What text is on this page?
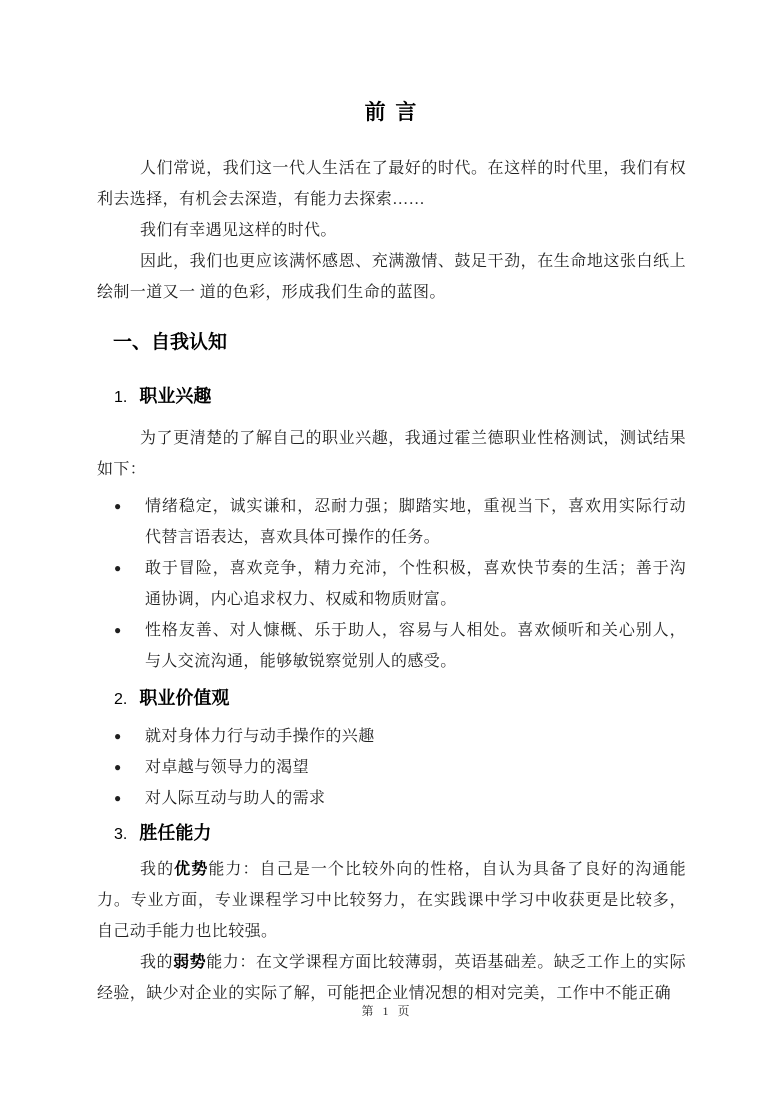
前 言

人们常说，我们这一代人生活在了最好的时代。在这样的时代里，我们有权利去选择，有机会去深造，有能力去探索……

我们有幸遇见这样的时代。

因此，我们也更应该满怀感恩、充满激情、鼓足干劲，在生命地这张白纸上绘制一道又一 道的色彩，形成我们生命的蓝图。

一、自我认知
1. 职业兴趣

为了更清楚的了解自己的职业兴趣，我通过霍兰德职业性格测试，测试结果如下：

● 情绪稳定，诚实谦和，忍耐力强；脚踏实地，重视当下，喜欢用实际行动代替言语表达，喜欢具体可操作的任务。
● 敢于冒险，喜欢竞争，精力充沛，个性积极，喜欢快节奏的生活；善于沟通协调，内心追求权力、权威和物质财富。
● 性格友善、对人慷概、乐于助人，容易与人相处。喜欢倾听和关心别人，与人交流沟通，能够敏锐察觉别人的感受。
2. 职业价值观
● 就对身体力行与动手操作的兴趣
● 对卓越与领导力的渴望
● 对人际互动与助人的需求
3. 胜任能力

我的优势能力：自己是一个比较外向的性格，自认为具备了良好的沟通能力。专业方面，专业课程学习中比较努力，在实践课中学习中收获更是比较多，自己动手能力也比较强。

我的弱势能力：在文学课程方面比较薄弱，英语基础差。缺乏工作上的实际经验，缺少对企业的实际了解，可能把企业情况想的相对完美，工作中不能正确

第 1 页
